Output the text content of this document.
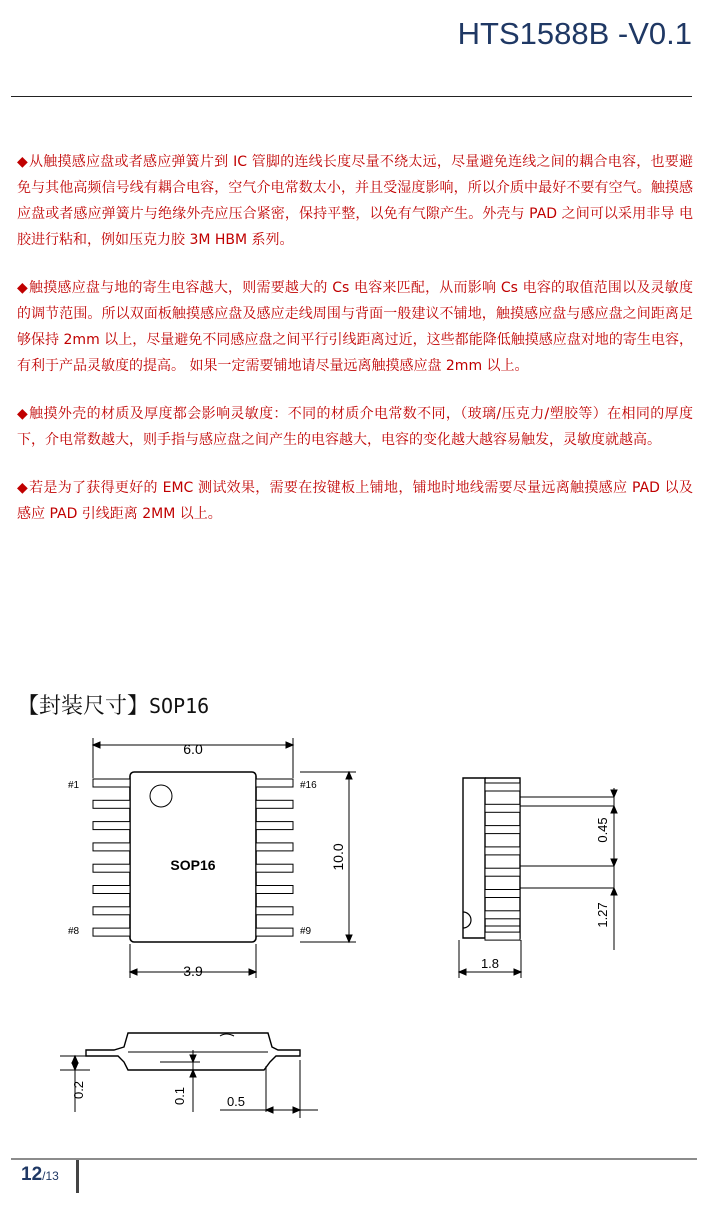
HTS1588B -V0.1

◆从触摸感应盘或者感应弹簧片到 IC 管脚的连线长度尽量不绕太远，尽量避免连线之间的耦合电容，也要避免与其他高频信号线有耦合电容，空气介电常数太小，并且受湿度影响，所以介质中最好不要有空气。触摸感应盘或者感应弹簧片与绝缘外壳应压合紧密，保持平整，以免有气隙产生。外壳与 PAD 之间可以采用非导 电胶进行粘和，例如压克力胶 3M HBM 系列。

◆触摸感应盘与地的寄生电容越大，则需要越大的 Cs 电容来匹配，从而影响 Cs 电容的取值范围以及灵敏度的调节范围。所以双面板触摸感应盘及感应走线周围与背面一般建议不铺地，触摸感应盘与感应盘之间距离足够保持 2mm 以上，尽量避免不同感应盘之间平行引线距离过近，这些都能降低触摸感应盘对地的寄生电容，有利于产品灵敏度的提高。 如果一定需要铺地请尽量远离触摸感应盘 2mm 以上。

◆触摸外壳的材质及厚度都会影响灵敏度：不同的材质介电常数不同，（玻璃/压克力/塑胶等）在相同的厚度下，介电常数越大，则手指与感应盘之间产生的电容越大，电容的变化越大越容易触发，灵敏度就越高。

◆若是为了获得更好的 EMC 测试效果，需要在按键板上铺地，铺地时地线需要尽量远离触摸感应 PAD 以及感应 PAD 引线距离 2MM 以上。

【封装尺寸】SOP16
6.0
SOP16
3.9
10.0
#1	#16
#8	#9
0.45
1.27
1.8
0.2	0.1	0.5
12/13
